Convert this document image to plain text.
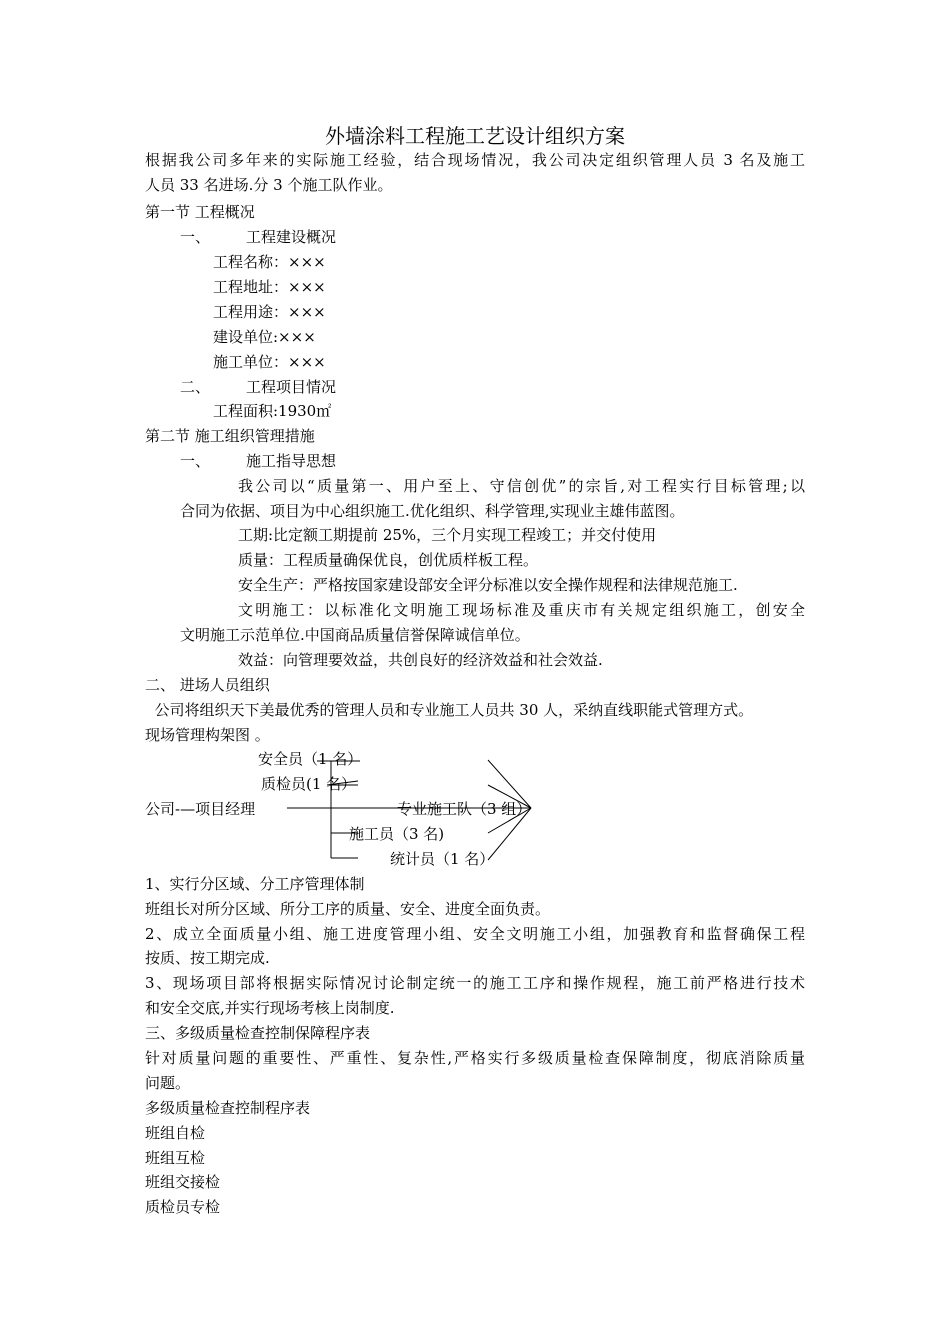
外墙涂料工程施工艺设计组织方案
根据我公司多年来的实际施工经验，结合现场情况，我公司决定组织管理人员 3 名及施工
人员 33 名进场.分 3 个施工队作业。
第一节 工程概况
一、 工程建设概况
工程名称：×××
工程地址：×××
工程用途：×××
建设单位:×××
施工单位：×××
二、 工程项目情况
工程面积:1930㎡
第二节 施工组织管理措施
一、 施工指导思想
我公司以“质量第一、用户至上、守信创优”的宗旨,对工程实行目标管理;以
合同为依据、项目为中心组织施工.优化组织、科学管理,实现业主雄伟蓝图。
工期:比定额工期提前 25%，三个月实现工程竣工；并交付使用
质量：工程质量确保优良，创优质样板工程。
安全生产：严格按国家建设部安全评分标准以安全操作规程和法律规范施工.
文明施工：以标准化文明施工现场标准及重庆市有关规定组织施工，创安全
文明施工示范单位.中国商品质量信誉保障诚信单位。
效益：向管理要效益，共创良好的经济效益和社会效益.
二、 进场人员组织
公司将组织天下美最优秀的管理人员和专业施工人员共 30 人，采纳直线职能式管理方式。
现场管理构架图 。
安全员（1 名）
质检员(1 名）
公司-—项目经理	专业施工队（3 组）
施工员（3 名)
统计员（1 名）
1、实行分区域、分工序管理体制
班组长对所分区域、所分工序的质量、安全、进度全面负责。
2、成立全面质量小组、施工进度管理小组、安全文明施工小组，加强教育和监督确保工程
按质、按工期完成.
3、现场项目部将根据实际情况讨论制定统一的施工工序和操作规程，施工前严格进行技术
和安全交底,并实行现场考核上岗制度.
三、多级质量检查控制保障程序表
针对质量问题的重要性、严重性、复杂性,严格实行多级质量检查保障制度，彻底消除质量
问题。
多级质量检查控制程序表
班组自检
班组互检
班组交接检
质检员专检
